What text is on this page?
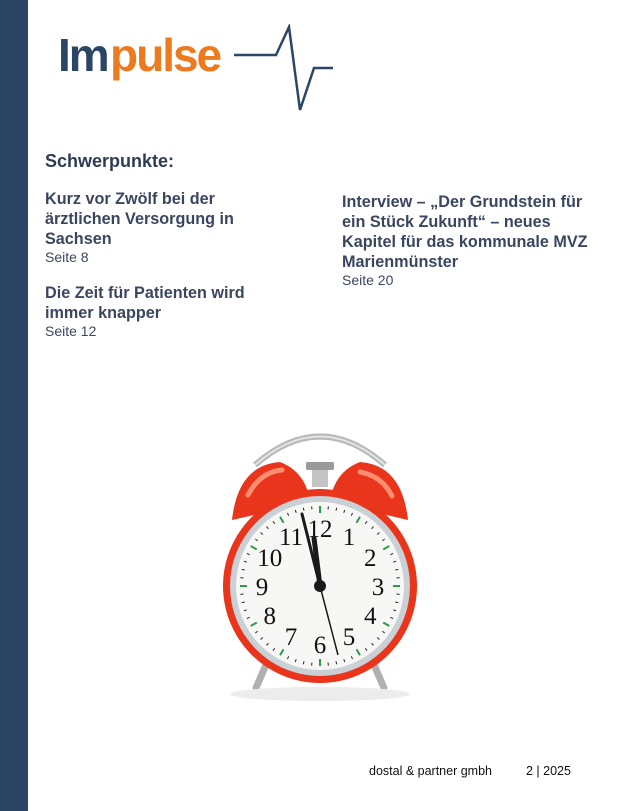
Im pulse
Schwerpunkte:

Kurz vor Zwölf bei der ärztlichen Versorgung in Sachsen

Seite 8

Die Zeit für Patienten wird immer knapper

Seite 12

Interview – „Der Grundstein für ein Stück Zukunft“ – neues Kapitel für das kommunale MVZ Marienmünster

Seite 20

12 1
2
3
4
5
6
7
8
9
10
11
dostal & partner gmbh	2 | 2025
